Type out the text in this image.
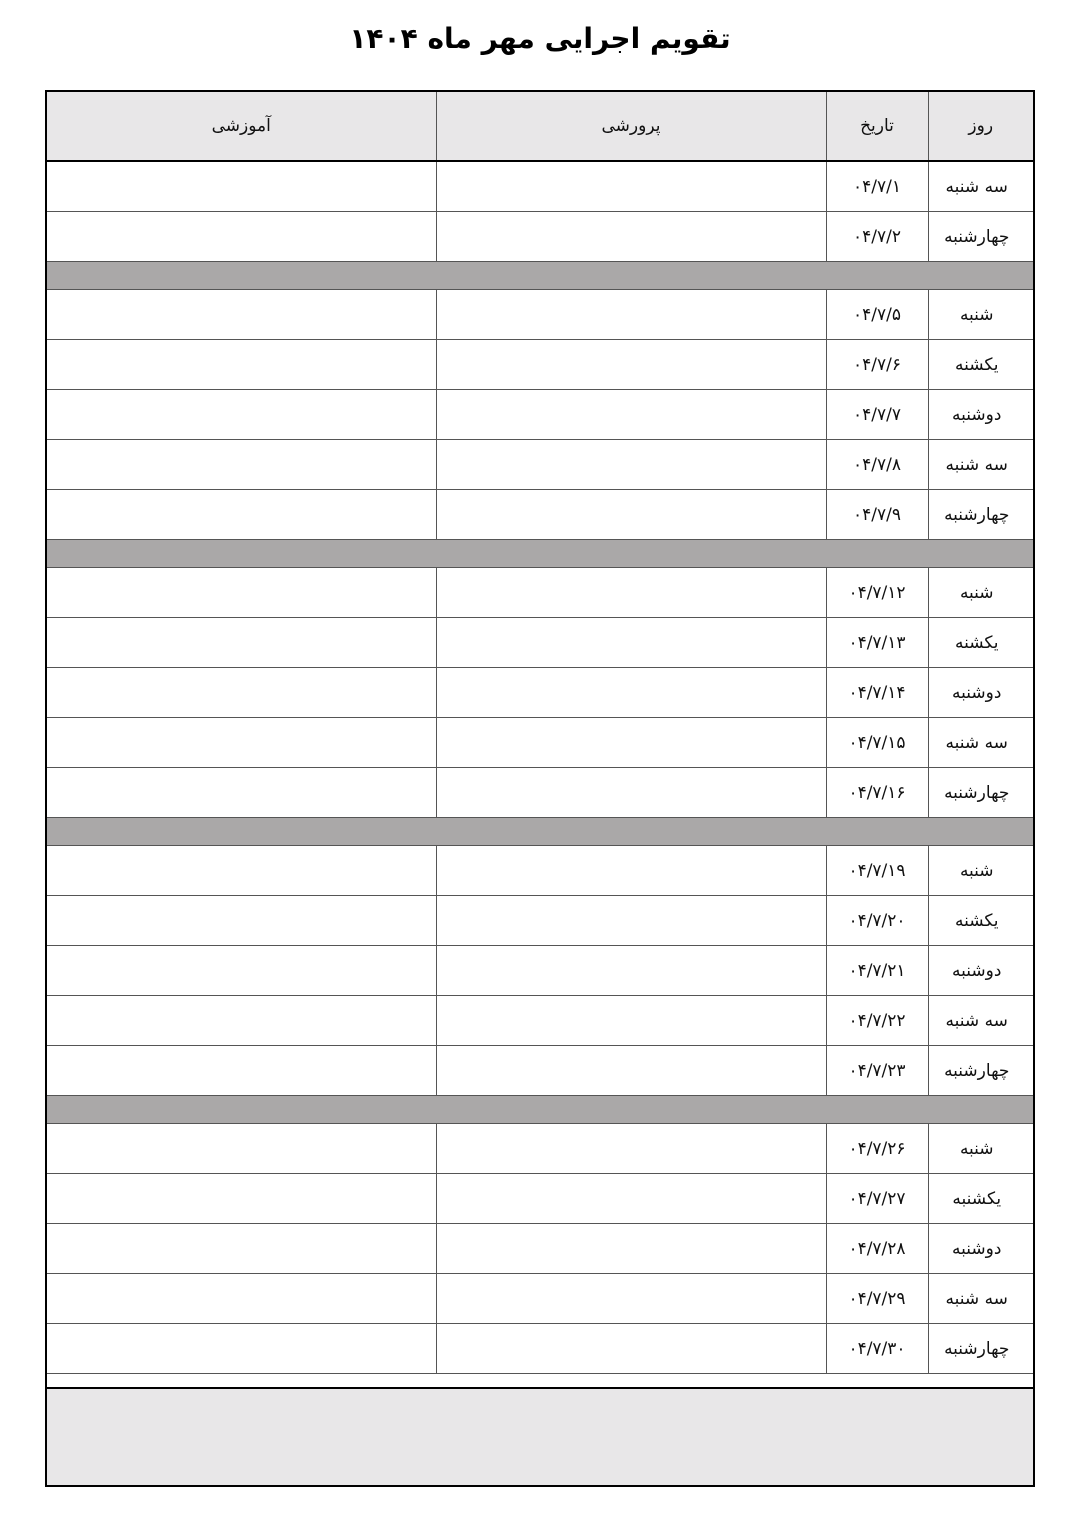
تقویم اجرایی مهر ماه ۱۴۰۴
روز	تاریخ	پرورشی	آموزشی
سه شنبه	۰۴/۷/۱		
چهارشنبه	۰۴/۷/۲		

شنبه	۰۴/۷/۵		
یکشنه	۰۴/۷/۶		
دوشنبه	۰۴/۷/۷		
سه شنبه	۰۴/۷/۸		
چهارشنبه	۰۴/۷/۹		

شنبه	۰۴/۷/۱۲		
یکشنه	۰۴/۷/۱۳		
دوشنبه	۰۴/۷/۱۴		
سه شنبه	۰۴/۷/۱۵		
چهارشنبه	۰۴/۷/۱۶		

شنبه	۰۴/۷/۱۹		
یکشنه	۰۴/۷/۲۰		
دوشنبه	۰۴/۷/۲۱		
سه شنبه	۰۴/۷/۲۲		
چهارشنبه	۰۴/۷/۲۳		

شنبه	۰۴/۷/۲۶		
یکشنبه	۰۴/۷/۲۷		
دوشنبه	۰۴/۷/۲۸		
سه شنبه	۰۴/۷/۲۹		
چهارشنبه	۰۴/۷/۳۰		
